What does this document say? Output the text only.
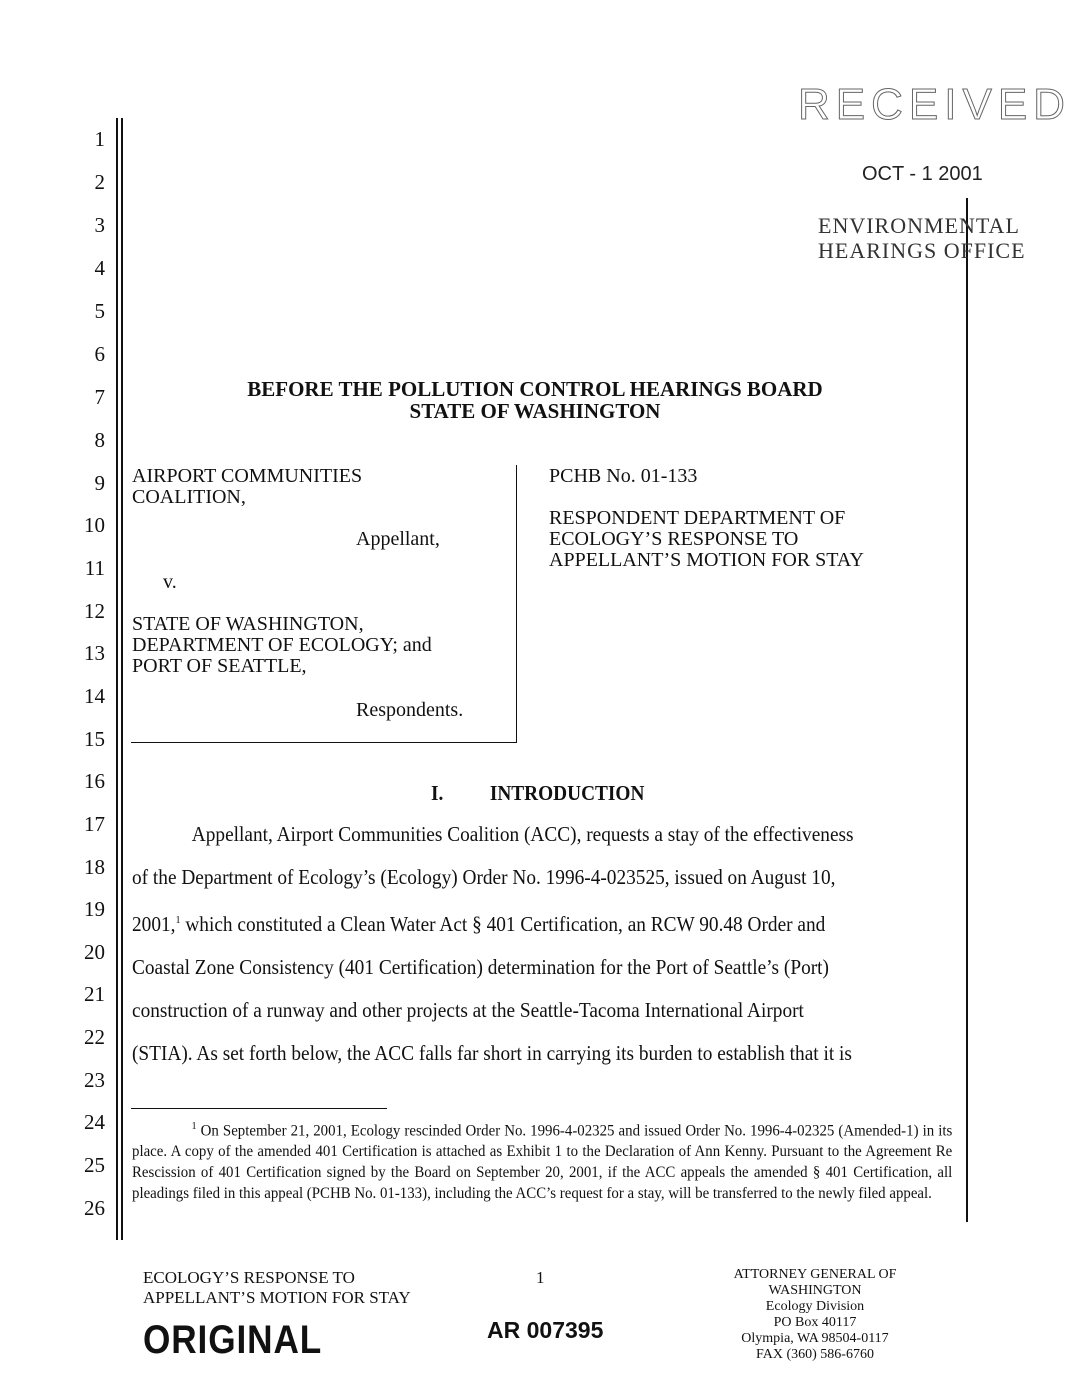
1
2
3
4
5
6
7
8
9
10
11
12
13
14
15
16
17
18
19
20
21
22
23
24
25
26
RECEIVED
OCT - 1 2001
ENVIRONMENTAL
HEARINGS OFFICE
BEFORE THE POLLUTION CONTROL HEARINGS BOARD
STATE OF WASHINGTON
AIRPORT COMMUNITIES
COALITION,
Appellant,
v.
STATE OF WASHINGTON,
DEPARTMENT OF ECOLOGY; and
PORT OF SEATTLE,
Respondents.
PCHB No. 01-133
RESPONDENT DEPARTMENT OF
ECOLOGY’S RESPONSE TO
APPELLANT’S MOTION FOR STAY
I. INTRODUCTION
Appellant, Airport Communities Coalition (ACC), requests a stay of the effectiveness
of the Department of Ecology’s (Ecology) Order No. 1996-4-023525, issued on August 10,
2001,$^1$ which constituted a Clean Water Act § 401 Certification, an RCW 90.48 Order and
Coastal Zone Consistency (401 Certification) determination for the Port of Seattle’s (Port)
construction of a runway and other projects at the Seattle-Tacoma International Airport
(STIA). As set forth below, the ACC falls far short in carrying its burden to establish that it is
$^1$ On September 21, 2001, Ecology rescinded Order No. 1996-4-02325 and issued Order No. 1996-4-02325 (Amended-1) in its place. A copy of the amended 401 Certification is attached as Exhibit 1 to the Declaration of Ann Kenny. Pursuant to the Agreement Re Rescission of 401 Certification signed by the Board on September 20, 2001, if the ACC appeals the amended § 401 Certification, all pleadings filed in this appeal (PCHB No. 01-133), including the ACC’s request for a stay, will be transferred to the newly filed appeal.
ECOLOGY’S RESPONSE TO
APPELLANT’S MOTION FOR STAY
1
ORIGINAL	AR 007395
ATTORNEY GENERAL OF WASHINGTON
Ecology Division
PO Box 40117
Olympia, WA 98504-0117
FAX (360) 586-6760
